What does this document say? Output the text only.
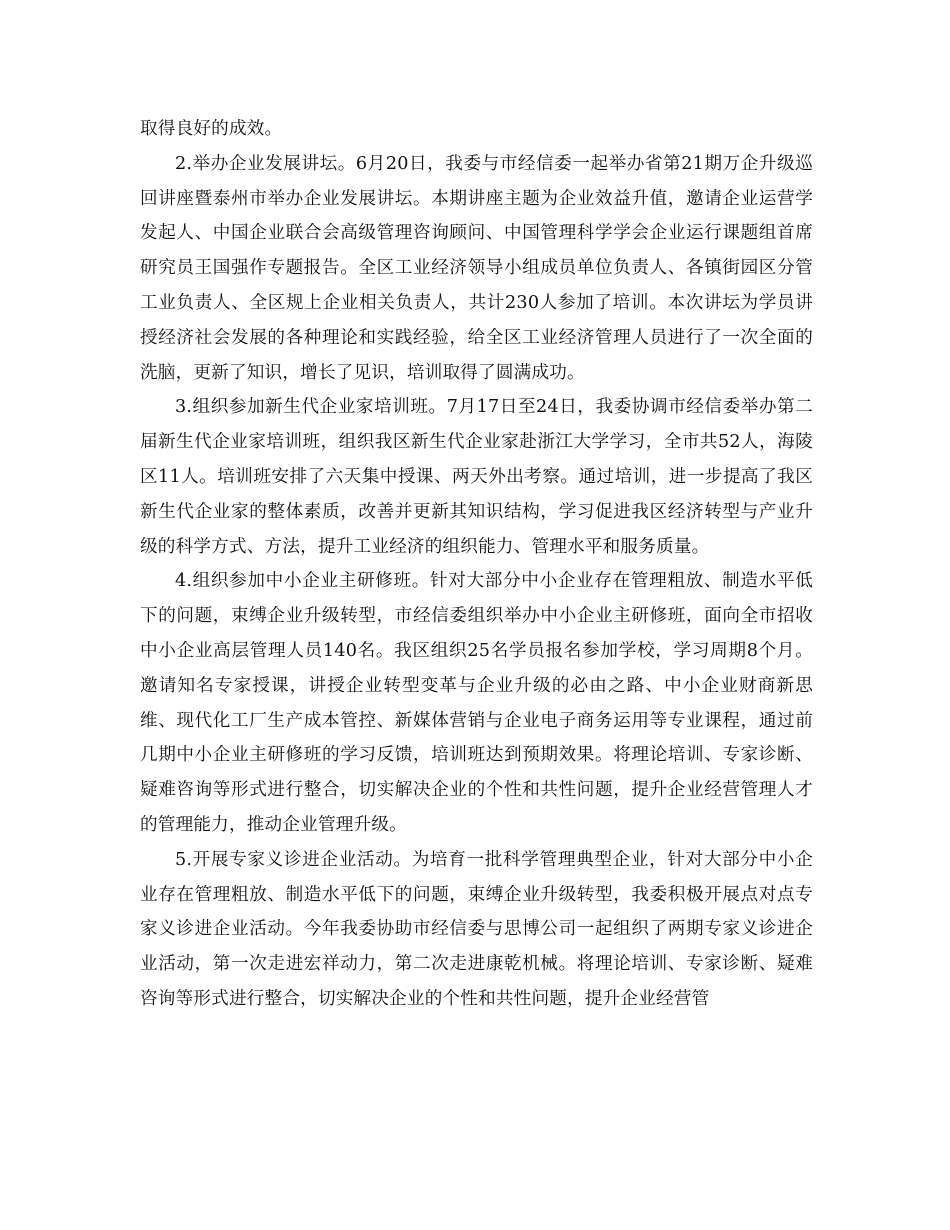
取得良好的成效。

2.举办企业发展讲坛。6月20日，我委与市经信委一起举办省第21期万企升级巡回讲座暨泰州市举办企业发展讲坛。本期讲座主题为企业效益升值，邀请企业运营学发起人、中国企业联合会高级管理咨询顾问、中国管理科学学会企业运行课题组首席研究员王国强作专题报告。全区工业经济领导小组成员单位负责人、各镇街园区分管工业负责人、全区规上企业相关负责人，共计230人参加了培训。本次讲坛为学员讲授经济社会发展的各种理论和实践经验，给全区工业经济管理人员进行了一次全面的洗脑，更新了知识，增长了见识，培训取得了圆满成功。

3.组织参加新生代企业家培训班。7月17日至24日，我委协调市经信委举办第二届新生代企业家培训班，组织我区新生代企业家赴浙江大学学习，全市共52人，海陵区11人。培训班安排了六天集中授课、两天外出考察。通过培训，进一步提高了我区新生代企业家的整体素质，改善并更新其知识结构，学习促进我区经济转型与产业升级的科学方式、方法，提升工业经济的组织能力、管理水平和服务质量。

4.组织参加中小企业主研修班。针对大部分中小企业存在管理粗放、制造水平低下的问题，束缚企业升级转型，市经信委组织举办中小企业主研修班，面向全市招收中小企业高层管理人员140名。我区组织25名学员报名参加学校，学习周期8个月。邀请知名专家授课，讲授企业转型变革与企业升级的必由之路、中小企业财商新思维、现代化工厂生产成本管控、新媒体营销与企业电子商务运用等专业课程，通过前几期中小企业主研修班的学习反馈，培训班达到预期效果。将理论培训、专家诊断、疑难咨询等形式进行整合，切实解决企业的个性和共性问题，提升企业经营管理人才的管理能力，推动企业管理升级。

5.开展专家义诊进企业活动。为培育一批科学管理典型企业，针对大部分中小企业存在管理粗放、制造水平低下的问题，束缚企业升级转型，我委积极开展点对点专家义诊进企业活动。今年我委协助市经信委与思博公司一起组织了两期专家义诊进企业活动，第一次走进宏祥动力，第二次走进康乾机械。将理论培训、专家诊断、疑难咨询等形式进行整合，切实解决企业的个性和共性问题，提升企业经营管
